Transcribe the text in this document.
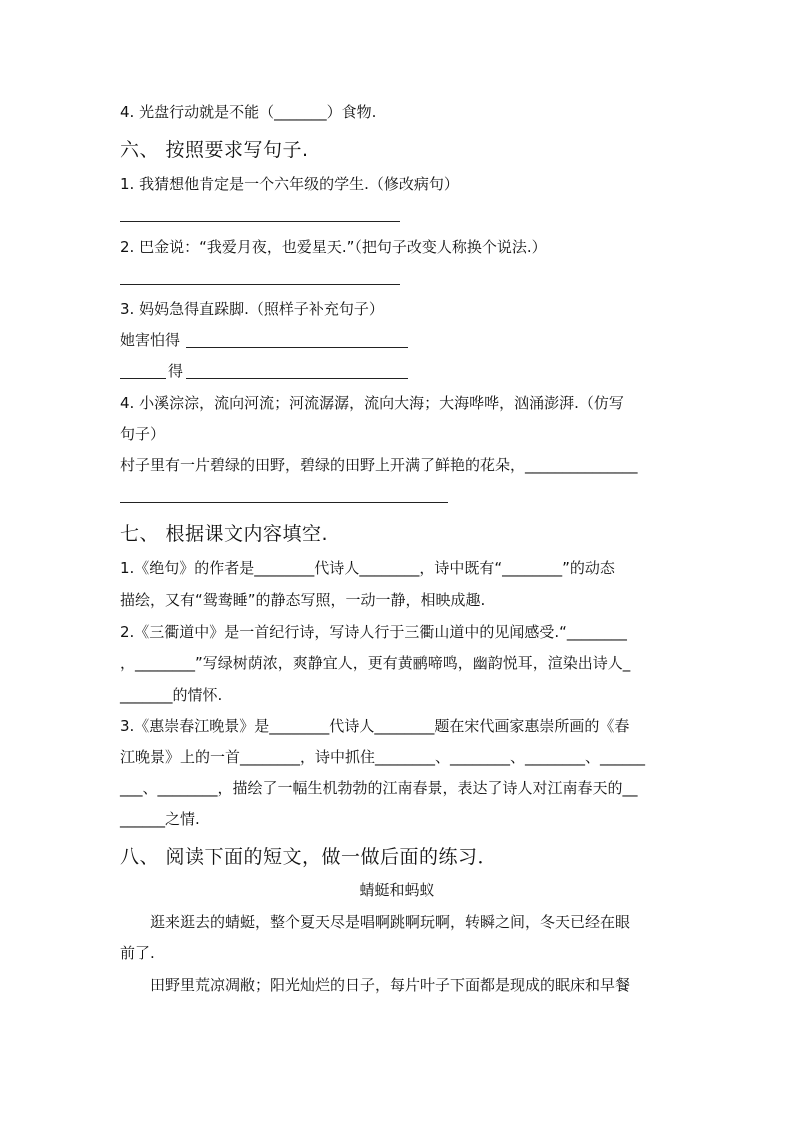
4. 光盘行动就是不能（_______）食物.
六、 按照要求写句子.
1. 我猜想他肯定是一个六年级的学生.（修改病句）
2. 巴金说：“我爱月夜，也爱星天.”（把句子改变人称换个说法.）
3. 妈妈急得直跺脚.（照样子补充句子）
她害怕得
得
4. 小溪淙淙，流向河流；河流潺潺，流向大海；大海哗哗，汹涌澎湃.（仿写
句子）
村子里有一片碧绿的田野，碧绿的田野上开满了鲜艳的花朵，_______________
七、 根据课文内容填空.
1.《绝句》的作者是________代诗人________，诗中既有“________”的动态
描绘，又有“鸳鸯睡”的静态写照，一动一静，相映成趣.
2.《三衢道中》是一首纪行诗，写诗人行于三衢山道中的见闻感受.“________
，________”写绿树荫浓，爽静宜人，更有黄鹂啼鸣，幽韵悦耳，渲染出诗人_
_______的情怀.
3.《惠崇春江晚景》是________代诗人________题在宋代画家惠崇所画的《春
江晚景》上的一首________，诗中抓住________、________、________、______
___、________，描绘了一幅生机勃勃的江南春景，表达了诗人对江南春天的__
______之情.
八、 阅读下面的短文，做一做后面的练习．
蜻蜓和蚂蚁
逛来逛去的蜻蜓，整个夏天尽是唱啊跳啊玩啊，转瞬之间，冬天已经在眼
前了.
田野里荒凉凋敝；阳光灿烂的日子，每片叶子下面都是现成的眠床和早餐
